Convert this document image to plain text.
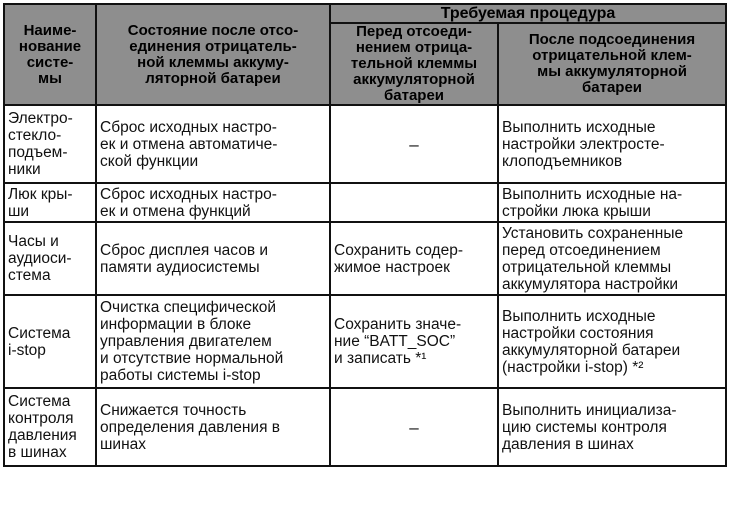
Наиме-
нование
систе-
мы	Состояние после отсо-
единения отрицатель-
ной клеммы аккуму-
ляторной батареи	Требуемая процедура	
		Перед отсоеди-
нением отрица-
тельной клеммы
аккумуляторной
батареи	После подсоединения
отрицательной клем-
мы аккумуляторной
батареи
Электро-
стекло-
подъем-
ники	Сброс исходных настро-
ек и отмена автоматиче-
ской функции	–	Выполнить исходные
настройки электросте-
клоподъемников
Люк кры-
ши	Сброс исходных настро-
ек и отмена функций		Выполнить исходные на-
стройки люка крыши
Часы и
аудиоси-
стема	Сброс дисплея часов и
памяти аудиосистемы	Сохранить содер-
жимое настроек	Установить сохраненные
перед отсоединением
отрицательной клеммы
аккумулятора настройки
Система
i-stop	Очистка специфической
информации в блоке
управления двигателем
и отсутствие нормальной
работы системы i-stop	Сохранить значе-
ние “BATT_SOC”
и записать *¹	Выполнить исходные
настройки состояния
аккумуляторной батареи
(настройки i-stop) *²
Система
контроля
давления
в шинах	Снижается точность
определения давления в
шинах	–	Выполнить инициализа-
цию системы контроля
давления в шинах
